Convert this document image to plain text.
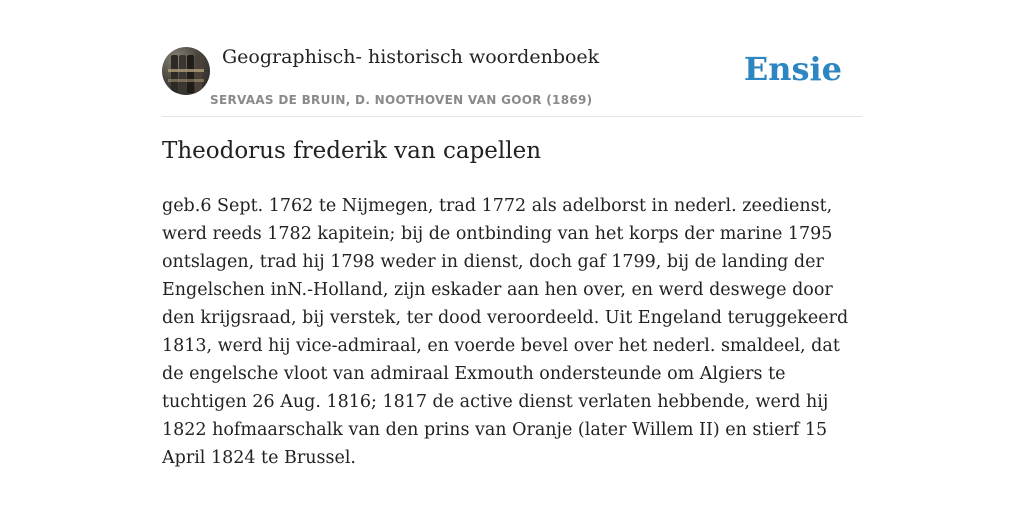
Geographisch- historisch woordenboek
SERVAAS DE BRUIN, D. NOOTHOVEN VAN GOOR (1869)
Ensie
Theodorus frederik van capellen

geb.6 Sept. 1762 te Nijmegen, trad 1772 als adelborst in nederl. zeedienst, werd reeds 1782 kapitein; bij de ontbinding van het korps der marine 1795 ontslagen, trad hij 1798 weder in dienst, doch gaf 1799, bij de landing der Engelschen inN.-Holland, zijn eskader aan hen over, en werd deswege door den krijgsraad, bij verstek, ter dood veroordeeld. Uit Engeland teruggekeerd 1813, werd hij vice-admiraal, en voerde bevel over het nederl. smaldeel, dat de engelsche vloot van admiraal Exmouth ondersteunde om Algiers te tuchtigen 26 Aug. 1816; 1817 de active dienst verlaten hebbende, werd hij 1822 hofmaarschalk van den prins van Oranje (later Willem II) en stierf 15 April 1824 te Brussel.
